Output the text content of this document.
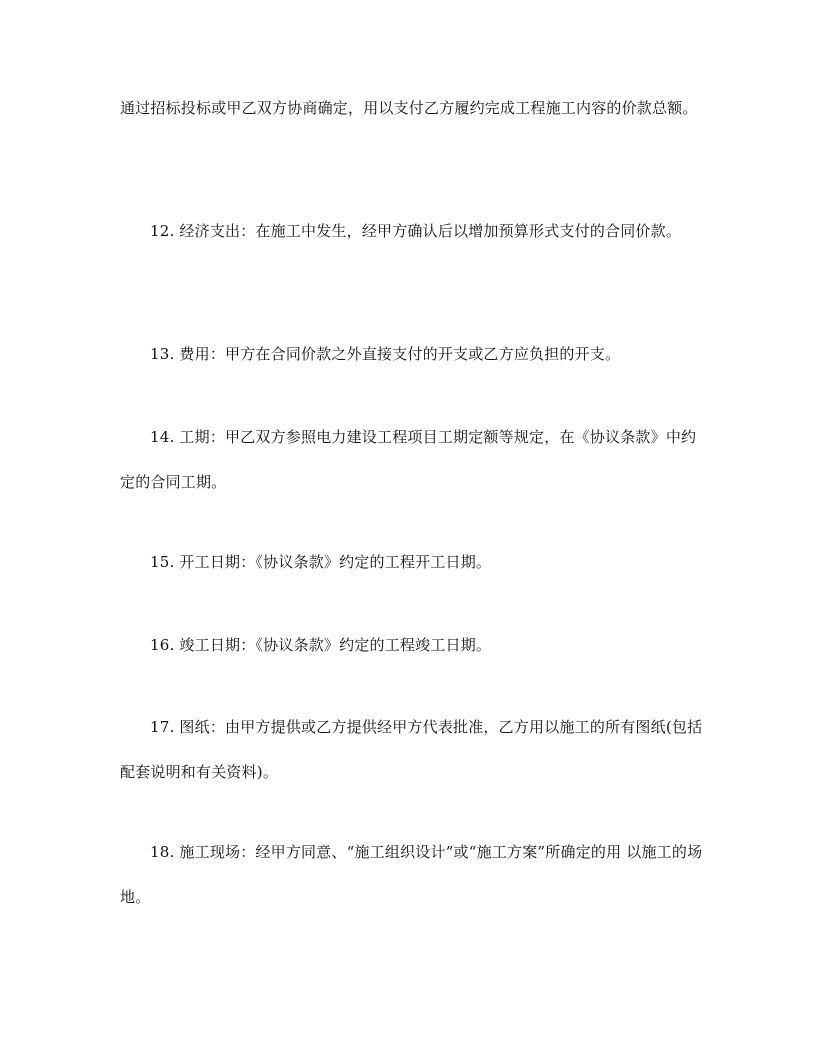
通过招标投标或甲乙双方协商确定，用以支付乙方履约完成工程施工内容的价款总额。

12. 经济支出：在施工中发生，经甲方确认后以增加预算形式支付的合同价款。

13. 费用：甲方在合同价款之外直接支付的开支或乙方应负担的开支。

14. 工期：甲乙双方参照电力建设工程项目工期定额等规定，在《协议条款》中约定的合同工期。

15. 开工日期：《协议条款》约定的工程开工日期。

16. 竣工日期：《协议条款》约定的工程竣工日期。

17. 图纸：由甲方提供或乙方提供经甲方代表批准，乙方用以施工的所有图纸(包括配套说明和有关资料)。

18. 施工现场：经甲方同意、“施工组织设计”或“施工方案”所确定的用 以施工的场地。
